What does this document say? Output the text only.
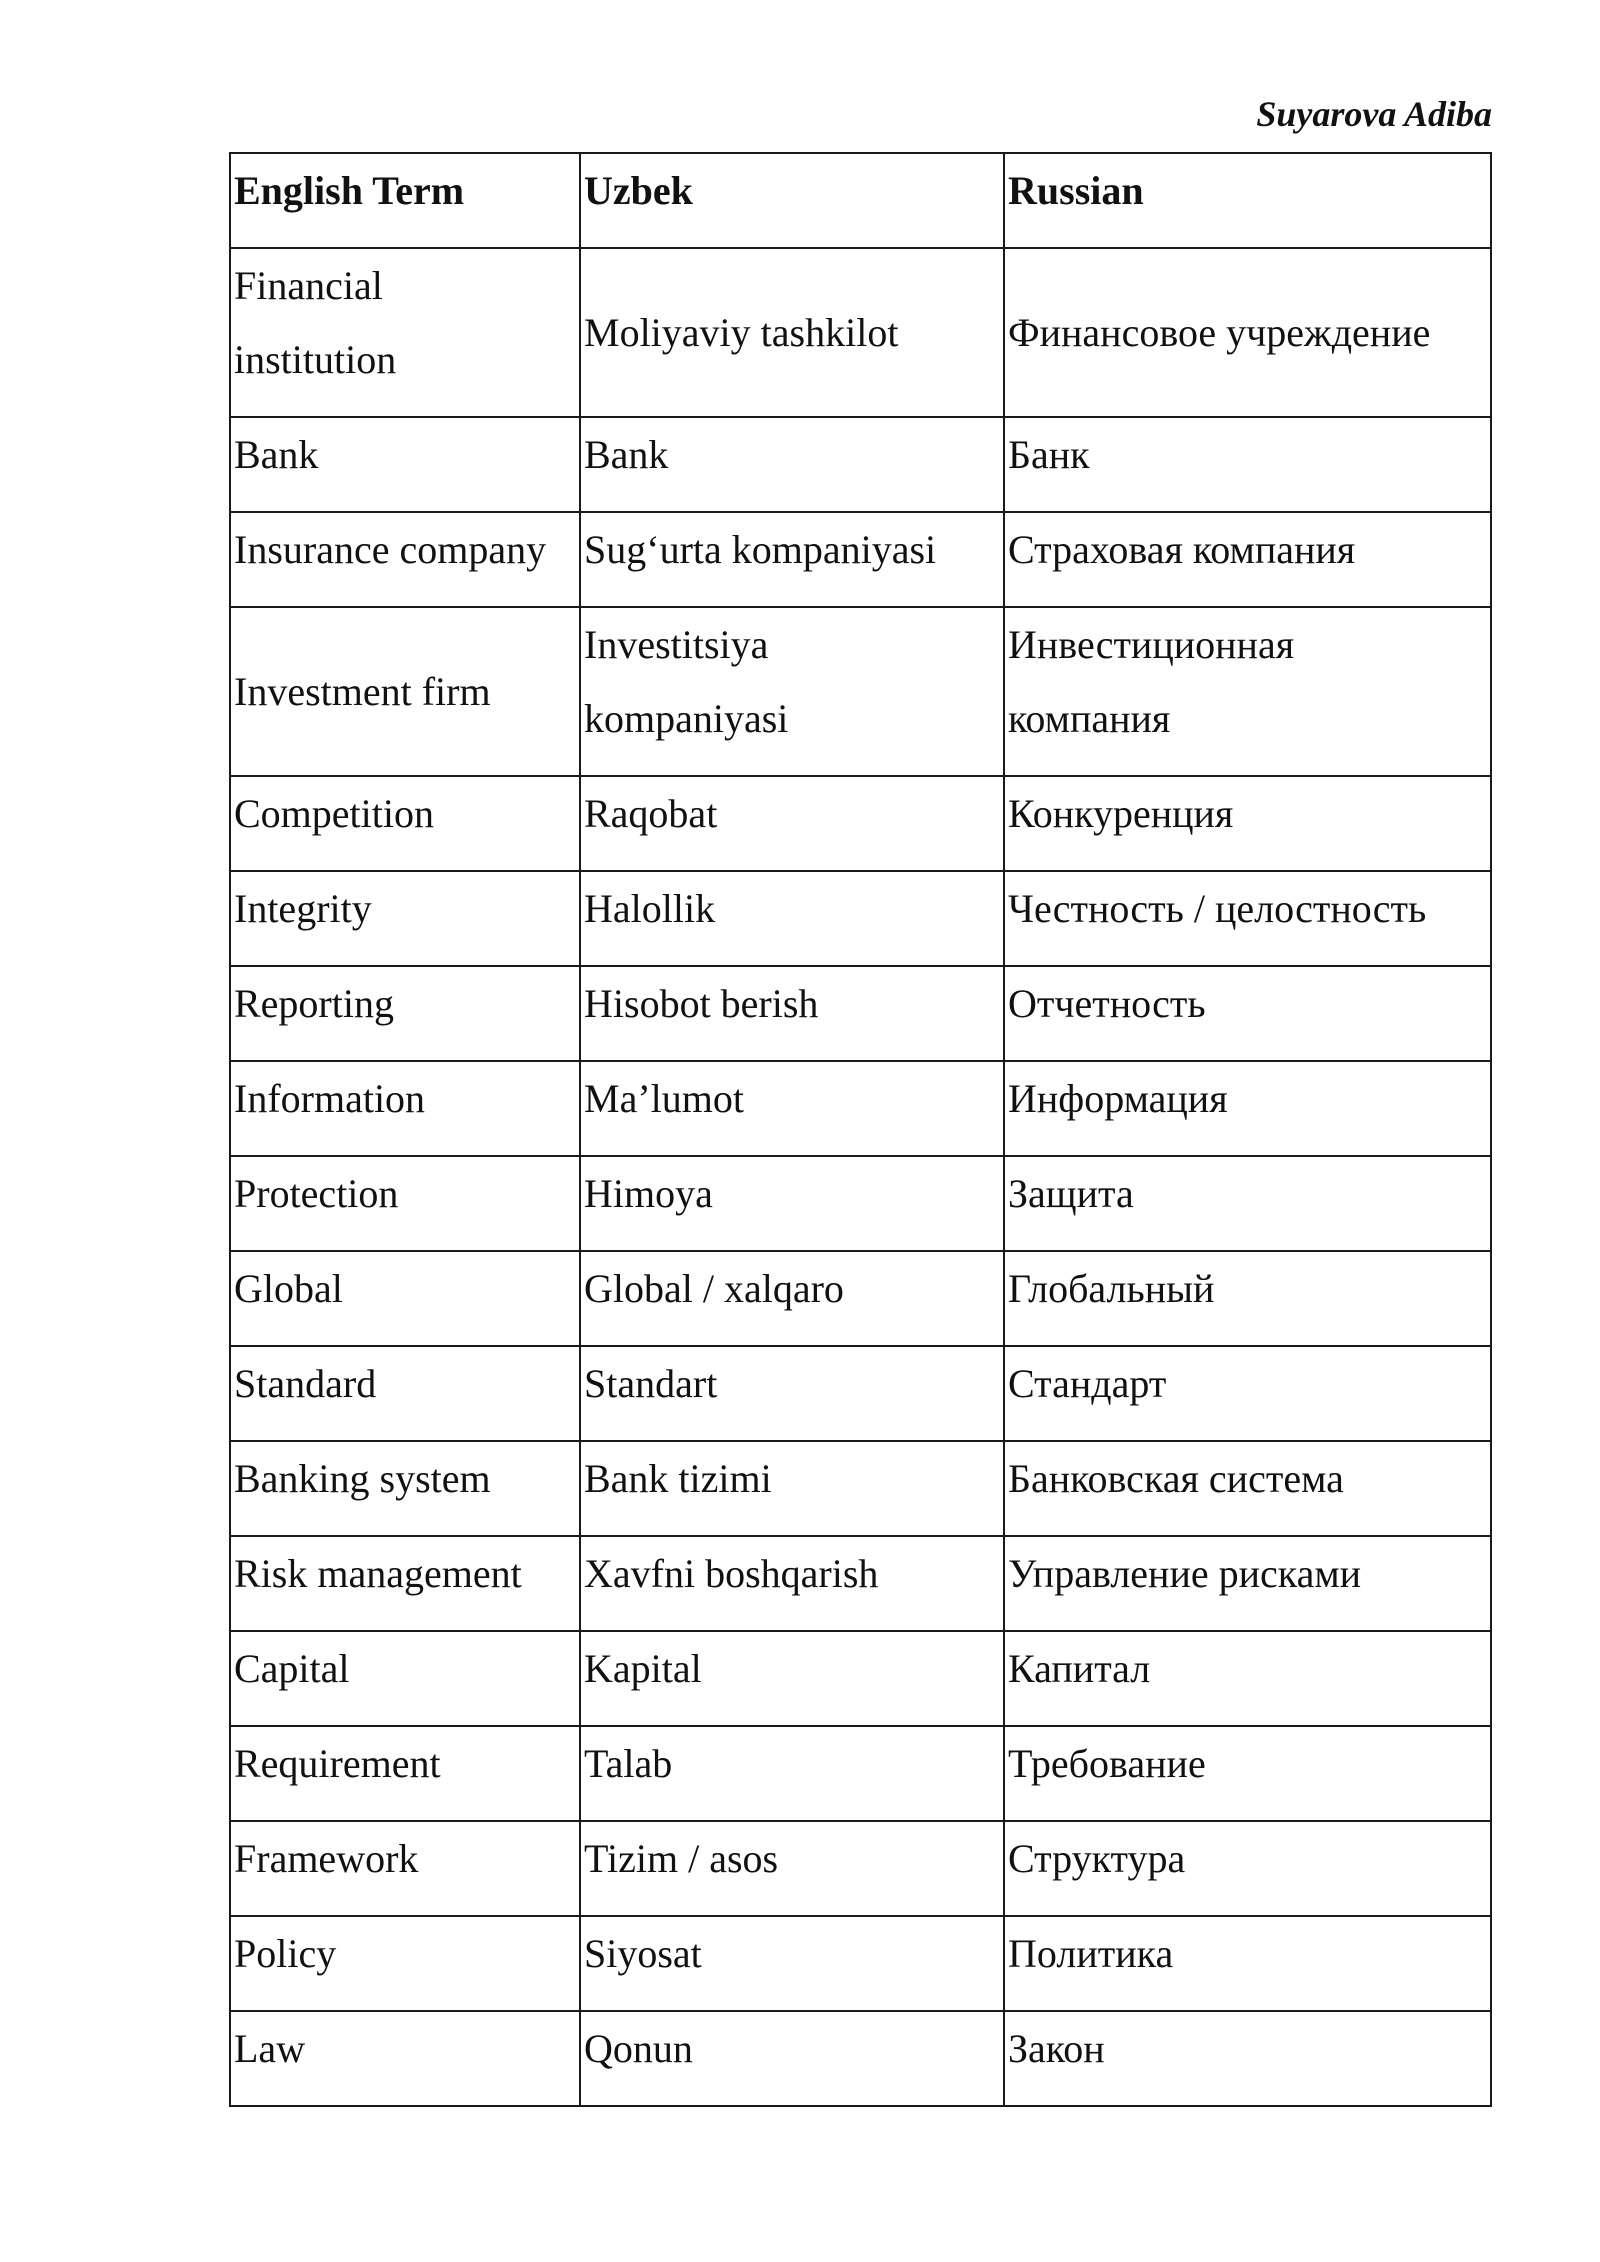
Suyarova Adiba
English Term	Uzbek	Russian

Financial institution	Moliyaviy tashkilot	Финансовое учреждение
Bank	Bank	Банк
Insurance company	Sug‘urta kompaniyasi	Страховая компания
Investment firm	Investitsiya kompaniyasi	Инвестиционная компания

Competition	Raqobat	Конкуренция
Integrity	Halollik	Честность / целостность
Reporting	Hisobot berish	Отчетность
Information	Ma’lumot	Информация
Protection	Himoya	Защита
Global	Global / xalqaro	Глобальный
Standard	Standart	Стандарт
Banking system	Bank tizimi	Банковская система
Risk management	Xavfni boshqarish	Управление рисками
Capital	Kapital	Капитал
Requirement	Talab	Требование
Framework	Tizim / asos	Структура
Policy	Siyosat	Политика
Law	Qonun	Закон
